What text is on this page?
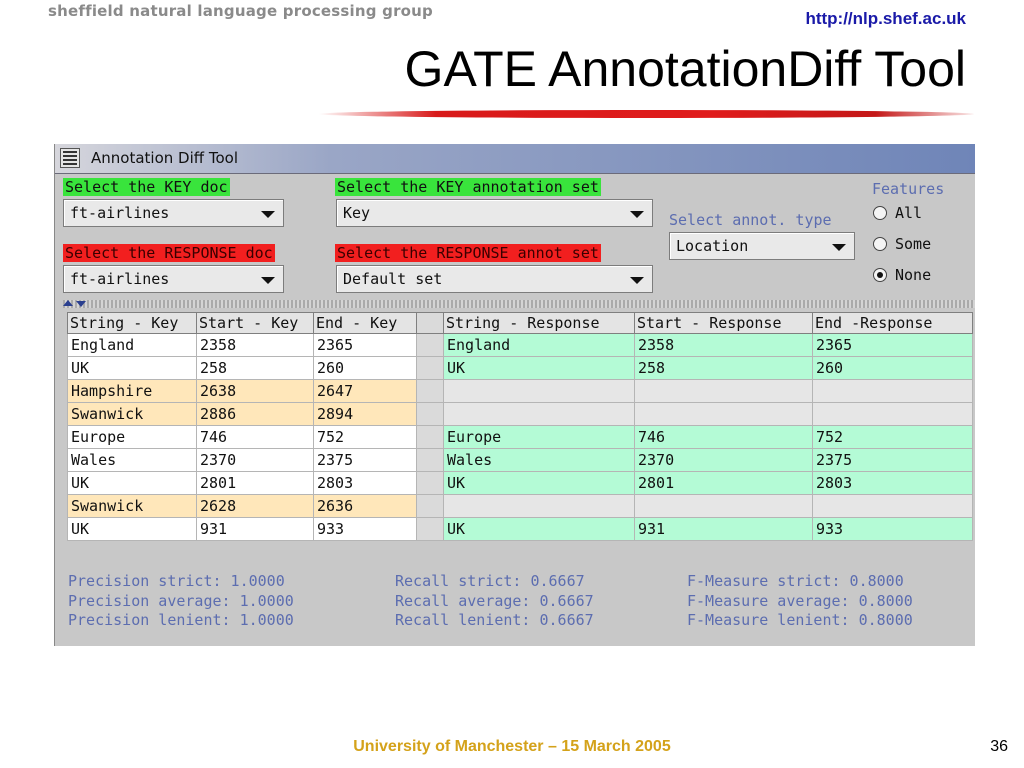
sheffield natural language processing group	http://nlp.shef.ac.uk
GATE AnnotationDiff Tool
Annotation Diff Tool
Select the KEY doc
ft-airlines
Select the KEY annotation set
Key
Select the RESPONSE doc
ft-airlines
Select the RESPONSE annot set
Default set
Select annot. type
Location
Features
All
Some
None
String - Key	Start - Key	End - Key		String - Response	Start - Response	End -Response
England	2358	2365		England	2358	2365
UK	258	260		UK	258	260
Hampshire	2638	2647				
Swanwick	2886	2894				
Europe	746	752		Europe	746	752
Wales	2370	2375		Wales	2370	2375
UK	2801	2803		UK	2801	2803
Swanwick	2628	2636				
UK	931	933		UK	931	933
Precision strict: 1.0000
Precision average: 1.0000
Precision lenient: 1.0000
Recall strict: 0.6667
Recall average: 0.6667
Recall lenient: 0.6667
F-Measure strict: 0.8000
F-Measure average: 0.8000
F-Measure lenient: 0.8000
University of Manchester – 15 March 2005	36
